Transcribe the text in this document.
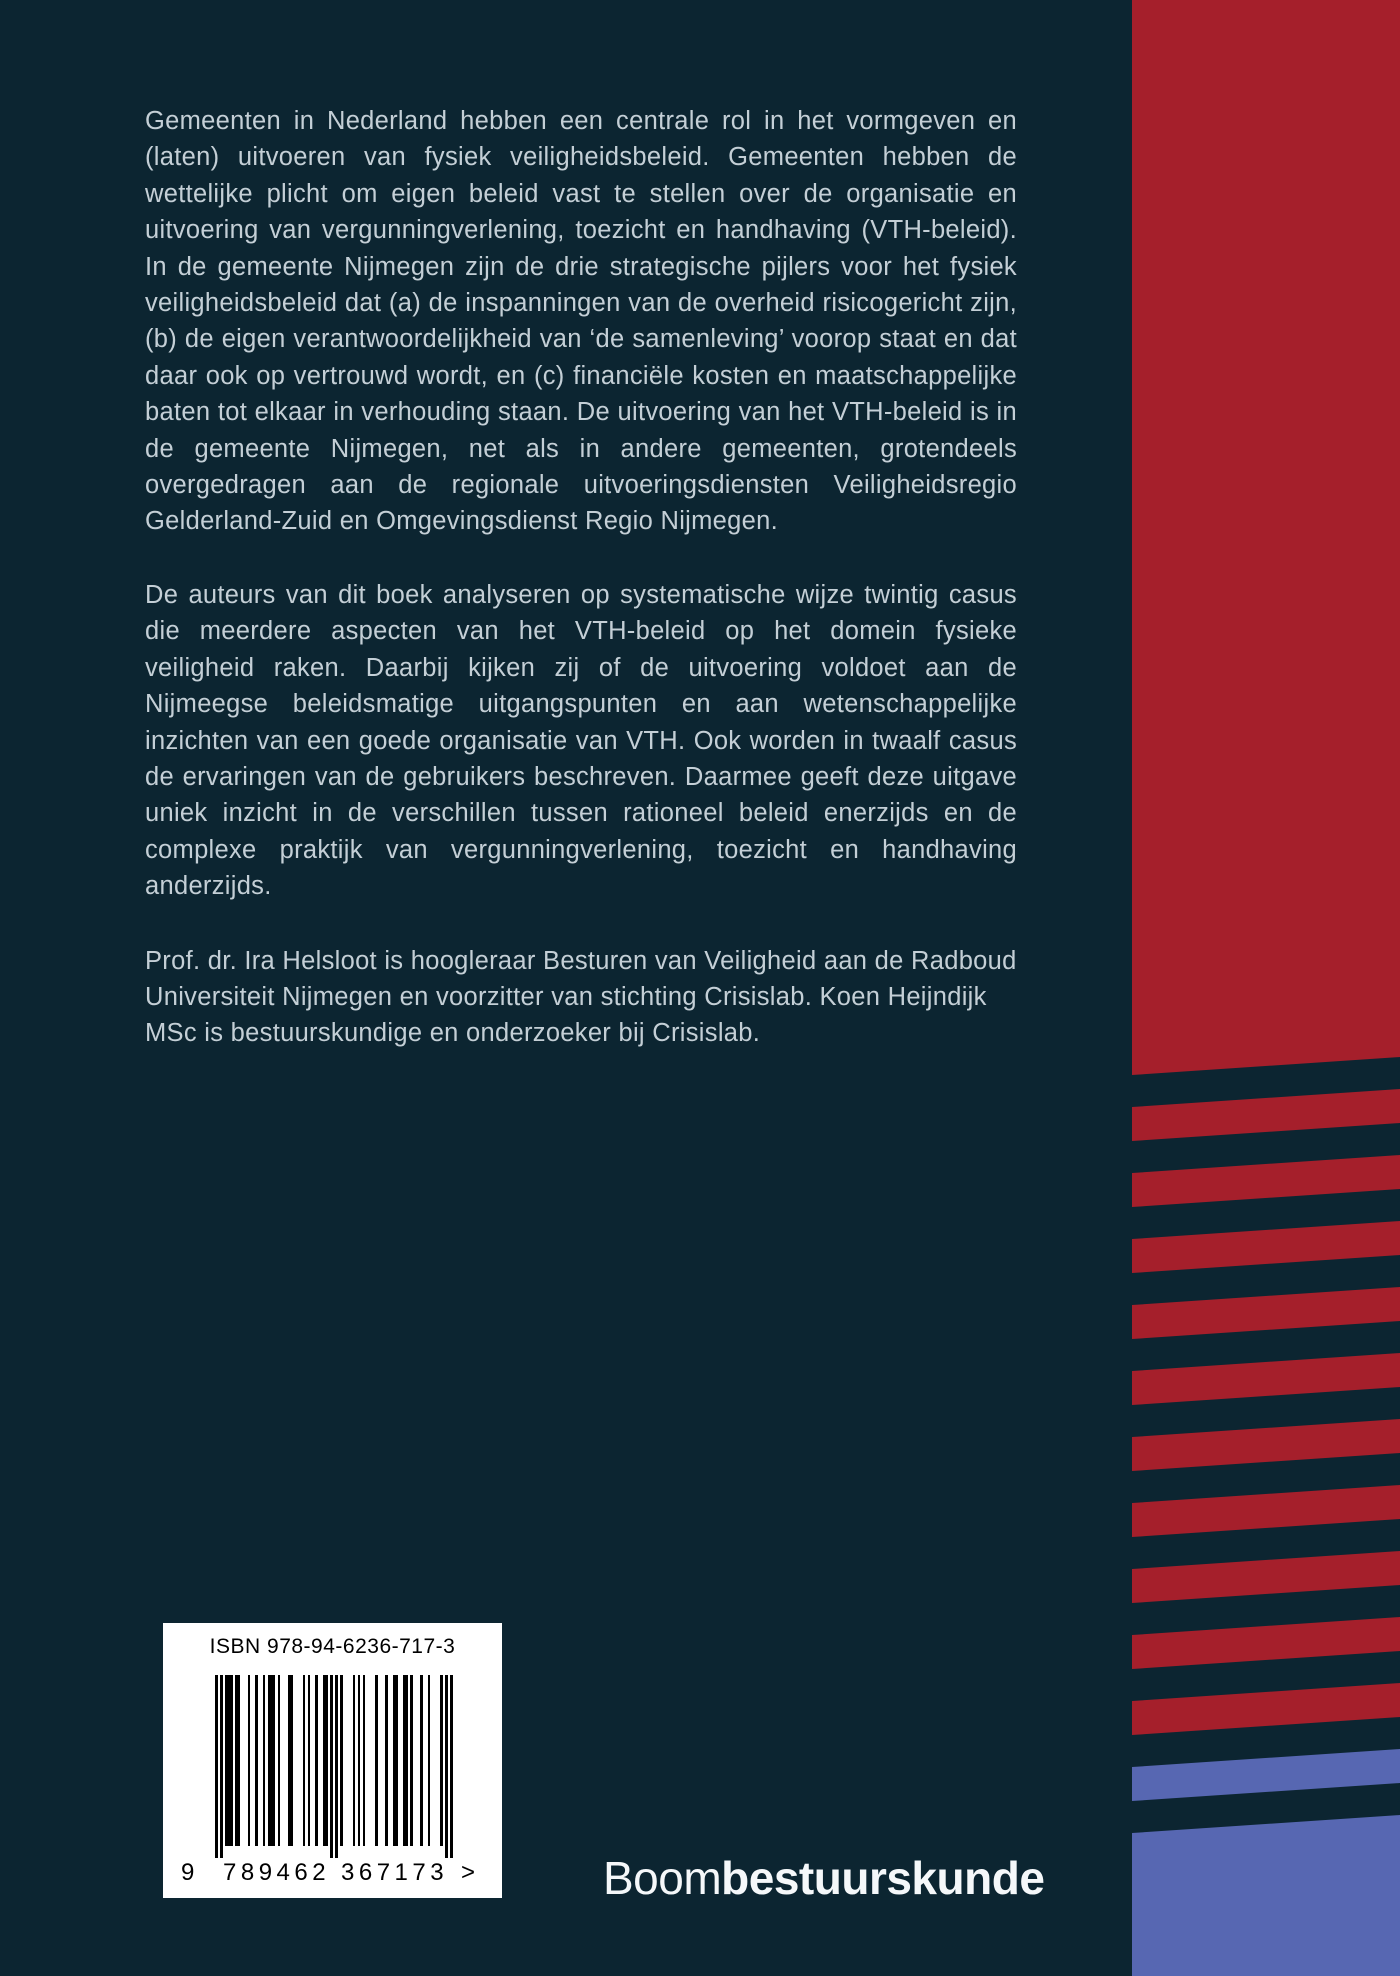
Gemeenten in Nederland hebben een centrale rol in het vormgeven en (laten) uitvoeren van fysiek veiligheidsbeleid. Gemeenten hebben de wettelijke plicht om eigen beleid vast te stellen over de organisatie en uitvoering van vergunningverlening, toezicht en handhaving (VTH-beleid). In de gemeente Nijmegen zijn de drie strategische pijlers voor het fysiek veiligheidsbeleid dat (a) de inspanningen van de overheid risicogericht zijn, (b) de eigen verantwoordelijkheid van ‘de samenleving’ voorop staat en dat daar ook op vertrouwd wordt, en (c) financiële kosten en maatschappelijke baten tot elkaar in verhouding staan. De uitvoering van het VTH-beleid is in de gemeente Nijmegen, net als in andere gemeenten, grotendeels overgedragen aan de regionale uitvoeringsdiensten Veiligheidsregio Gelderland-Zuid en Omgevingsdienst Regio Nijmegen.

De auteurs van dit boek analyseren op systematische wijze twintig casus die meerdere aspecten van het VTH-beleid op het domein fysieke veiligheid raken. Daarbij kijken zij of de uitvoering voldoet aan de Nijmeegse beleidsmatige uitgangspunten en aan wetenschappelijke inzichten van een goede organisatie van VTH. Ook worden in twaalf casus de ervaringen van de gebruikers beschreven. Daarmee geeft deze uitgave uniek inzicht in de verschillen tussen rationeel beleid enerzijds en de complexe praktijk van vergunningverlening, toezicht en handhaving anderzijds.

Prof. dr. Ira Helsloot is hoogleraar Besturen van Veiligheid aan de Radboud Universiteit Nijmegen en voorzitter van stichting Crisislab. Koen Heijndijk MSc is bestuurskundige en onderzoeker bij Crisislab.

ISBN 978-94-6236-717-3
9 789462 367173 >	Boombestuurskunde
